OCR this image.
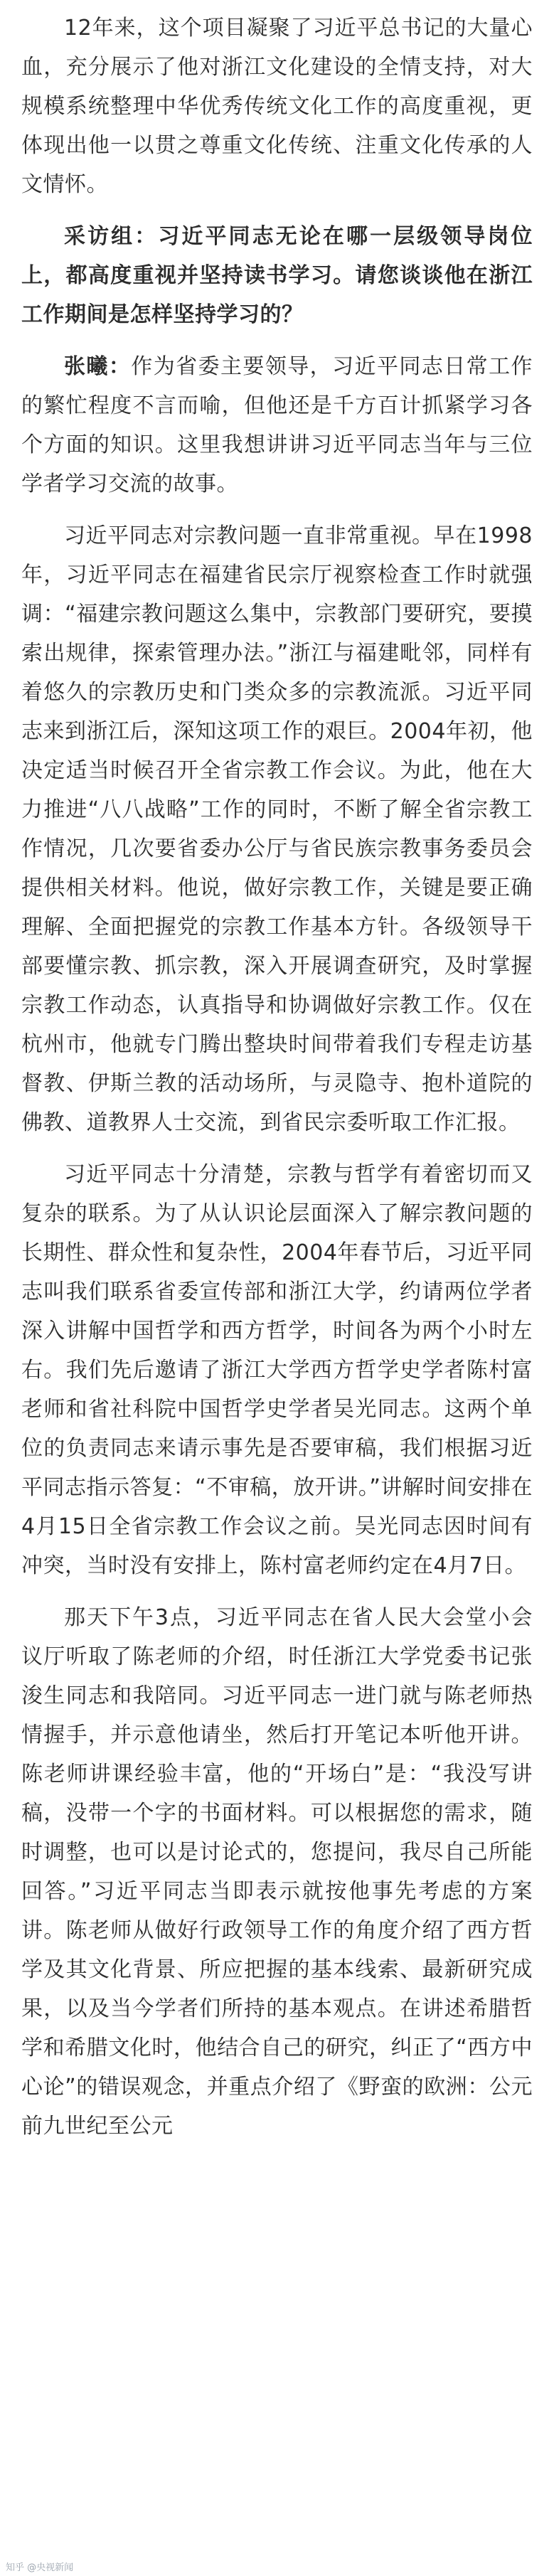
12年来，这个项目凝聚了习近平总书记的大量心血，充分展示了他对浙江文化建设的全情支持，对大规模系统整理中华优秀传统文化工作的高度重视，更体现出他一以贯之尊重文化传统、注重文化传承的人文情怀。

采访组：习近平同志无论在哪一层级领导岗位上，都高度重视并坚持读书学习。请您谈谈他在浙江工作期间是怎样坚持学习的？

张曦：作为省委主要领导，习近平同志日常工作的繁忙程度不言而喻，但他还是千方百计抓紧学习各个方面的知识。这里我想讲讲习近平同志当年与三位学者学习交流的故事。

习近平同志对宗教问题一直非常重视。早在1998年，习近平同志在福建省民宗厅视察检查工作时就强调：“福建宗教问题这么集中，宗教部门要研究，要摸索出规律，探索管理办法。”浙江与福建毗邻，同样有着悠久的宗教历史和门类众多的宗教流派。习近平同志来到浙江后，深知这项工作的艰巨。2004年初，他决定适当时候召开全省宗教工作会议。为此，他在大力推进“八八战略”工作的同时，不断了解全省宗教工作情况，几次要省委办公厅与省民族宗教事务委员会提供相关材料。他说，做好宗教工作，关键是要正确理解、全面把握党的宗教工作基本方针。各级领导干部要懂宗教、抓宗教，深入开展调查研究，及时掌握宗教工作动态，认真指导和协调做好宗教工作。仅在杭州市，他就专门腾出整块时间带着我们专程走访基督教、伊斯兰教的活动场所，与灵隐寺、抱朴道院的佛教、道教界人士交流，到省民宗委听取工作汇报。

习近平同志十分清楚，宗教与哲学有着密切而又复杂的联系。为了从认识论层面深入了解宗教问题的长期性、群众性和复杂性，2004年春节后，习近平同志叫我们联系省委宣传部和浙江大学，约请两位学者深入讲解中国哲学和西方哲学，时间各为两个小时左右。我们先后邀请了浙江大学西方哲学史学者陈村富老师和省社科院中国哲学史学者吴光同志。这两个单位的负责同志来请示事先是否要审稿，我们根据习近平同志指示答复：“不审稿，放开讲。”讲解时间安排在4月15日全省宗教工作会议之前。吴光同志因时间有冲突，当时没有安排上，陈村富老师约定在4月7日。

那天下午3点，习近平同志在省人民大会堂小会议厅听取了陈老师的介绍，时任浙江大学党委书记张浚生同志和我陪同。习近平同志一进门就与陈老师热情握手，并示意他请坐，然后打开笔记本听他开讲。陈老师讲课经验丰富，他的“开场白”是：“我没写讲稿，没带一个字的书面材料。可以根据您的需求，随时调整，也可以是讨论式的，您提问，我尽自己所能回答。”习近平同志当即表示就按他事先考虑的方案讲。陈老师从做好行政领导工作的角度介绍了西方哲学及其文化背景、所应把握的基本线索、最新研究成果，以及当今学者们所持的基本观点。在讲述希腊哲学和希腊文化时，他结合自己的研究，纠正了“西方中心论”的错误观念，并重点介绍了《野蛮的欧洲：公元前九世纪至公元

知乎 @央视新闻
